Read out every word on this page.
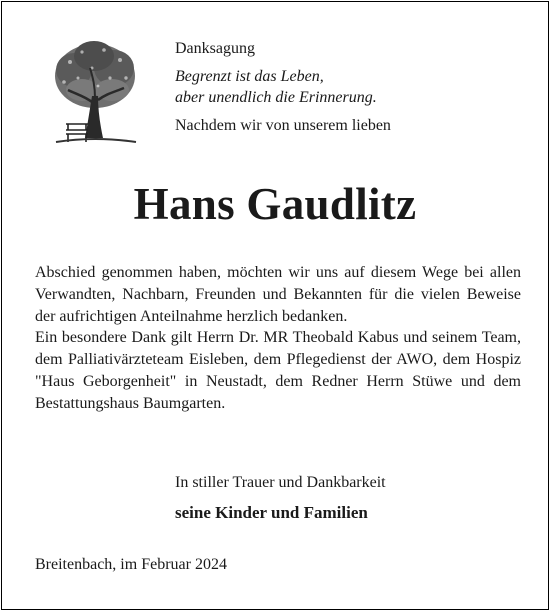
Danksagung

Begrenzt ist das Leben,
aber unendlich die Erinnerung.

Nachdem wir von unserem lieben

Hans Gaudlitz

Abschied genommen haben, möchten wir uns auf diesem Wege bei allen Verwandten, Nachbarn, Freunden und Bekannten für die vielen Beweise der aufrichtigen Anteilnahme herzlich bedanken.

Ein besondere Dank gilt Herrn Dr. MR Theobald Kabus und seinem Team, dem Palliativärzteteam Eisleben, dem Pflegedienst der AWO, dem Hospiz "Haus Geborgenheit" in Neustadt, dem Redner Herrn Stüwe und dem Bestattungshaus Baumgarten.

In stiller Trauer und Dankbarkeit

seine Kinder und Familien

Breitenbach, im Februar 2024
